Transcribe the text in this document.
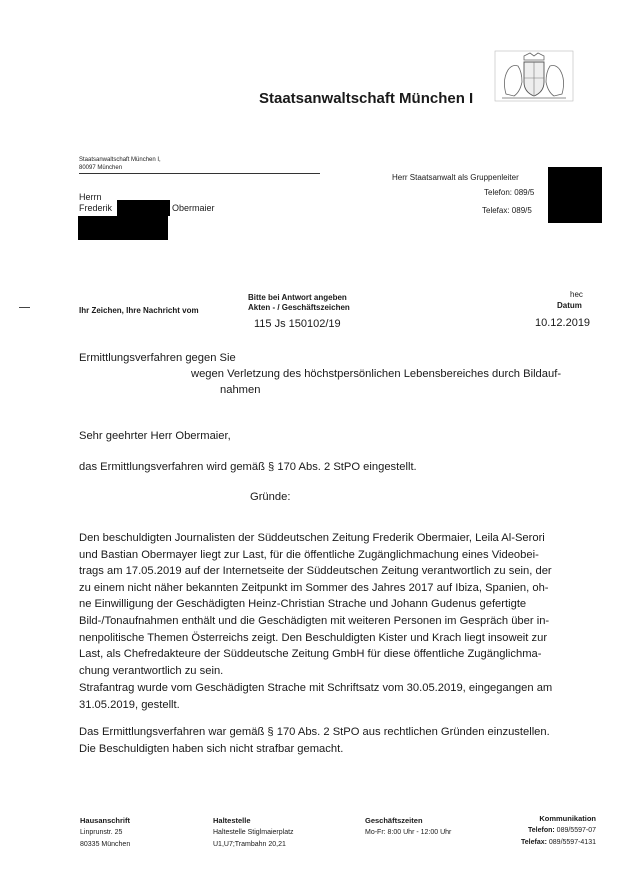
Staatsanwaltschaft München I
Staatsanwaltschaft München I,
80097 München
Herrn
Frederik	Obermaier
Herr Staatsanwalt als Gruppenleiter
Telefon: 089/5
Telefax: 089/5
Ihr Zeichen, Ihre Nachricht vom
Bitte bei Antwort angeben
Akten - / Geschäftszeichen
115 Js 150102/19
hec
Datum
10.12.2019
Ermittlungsverfahren gegen Sie
wegen Verletzung des höchstpersönlichen Lebensbereiches durch Bildauf-
nahmen
Sehr geehrter Herr Obermaier,
das Ermittlungsverfahren wird gemäß § 170 Abs. 2 StPO eingestellt.
Gründe:
Den beschuldigten Journalisten der Süddeutschen Zeitung Frederik Obermaier, Leila Al-Serori
und Bastian Obermayer liegt zur Last, für die öffentliche Zugänglichmachung eines Videobei-
trags am 17.05.2019 auf der Internetseite der Süddeutschen Zeitung verantwortlich zu sein, der
zu einem nicht näher bekannten Zeitpunkt im Sommer des Jahres 2017 auf Ibiza, Spanien, oh-
ne Einwilligung der Geschädigten Heinz-Christian Strache und Johann Gudenus gefertigte
Bild-/Tonaufnahmen enthält und die Geschädigten mit weiteren Personen im Gespräch über in-
nenpolitische Themen Österreichs zeigt. Den Beschuldigten Kister und Krach liegt insoweit zur
Last, als Chefredakteure der Süddeutsche Zeitung GmbH für diese öffentliche Zugänglichma-
chung verantwortlich zu sein.
Strafantrag wurde vom Geschädigten Strache mit Schriftsatz vom 30.05.2019, eingegangen am
31.05.2019, gestellt.
Das Ermittlungsverfahren war gemäß § 170 Abs. 2 StPO aus rechtlichen Gründen einzustellen.
Die Beschuldigten haben sich nicht strafbar gemacht.
Hausanschrift
Linprunstr. 25
80335 München
Haltestelle
Haltestelle Stiglmaierplatz
U1,U7;Trambahn 20,21
Geschäftszeiten
Mo-Fr: 8:00 Uhr - 12:00 Uhr
Kommunikation
Telefon: 089/5597-07
Telefax: 089/5597-4131
